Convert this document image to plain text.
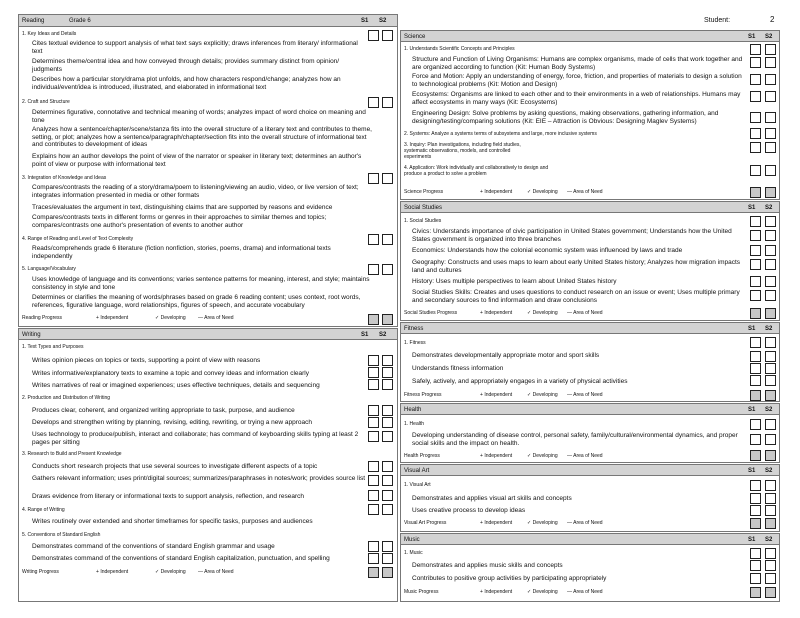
Reading	Grade 6	S1 S2
1. Key Ideas and Details
Cites textual evidence to support analysis of what text says explicitly; draws inferences from literary/ informational text
Determines theme/central idea and how conveyed through details; provides summary distinct from opinion/ judgments
Describes how a particular story/drama plot unfolds, and how characters respond/change; analyzes how an individual/event/idea is introduced, illustrated, and elaborated in informational text
2. Craft and Structure
Determines figurative, connotative and technical meaning of words; analyzes impact of word choice on meaning and tone
Analyzes how a sentence/chapter/scene/stanza fits into the overall structure of a literary text and contributes to theme, setting, or plot; analyzes how a sentence/paragraph/chapter/section fits into the overall structure of informational text and contributes to development of ideas
Explains how an author develops the point of view of the narrator or speaker in literary text; determines an author's point of view or purpose with informational text
3. Integration of Knowledge and Ideas
Compares/contrasts the reading of a story/drama/poem to listening/viewing an audio, video, or live version of text; integrates information presented in media or other formats
Traces/evaluates the argument in text, distinguishing claims that are supported by reasons and evidence
Compares/contrasts texts in different forms or genres in their approaches to similar themes and topics; compares/contrasts one author's presentation of events to another author
4. Range of Reading and Level of Text Complexity
Reads/comprehends grade 6 literature (fiction nonfiction, stories, poems, drama) and informational texts independently
5. Language/Vocabulary
Uses knowledge of language and its conventions; varies sentence patterns for meaning, interest, and style; maintains consistency in style and tone
Determines or clarifies the meaning of words/phrases based on grade 6 reading content; uses context, root words, references, figurative language, word relationships, figures of speech, and accurate vocabulary
Reading Progress	+ Independent	✓ Developing — Area of Need
Writing	S1 S2
1. Text Types and Purposes
Writes opinion pieces on topics or texts, supporting a point of view with reasons
Writes informative/explanatory texts to examine a topic and convey ideas and information clearly
Writes narratives of real or imagined experiences; uses effective techniques, details and sequencing
2. Production and Distribution of Writing
Produces clear, coherent, and organized writing appropriate to task, purpose, and audience
Develops and strengthen writing by planning, revising, editing, rewriting, or trying a new approach
Uses technology to produce/publish, interact and collaborate; has command of keyboarding skills typing at least 2 pages per sitting
3. Research to Build and Present Knowledge
Conducts short research projects that use several sources to investigate different aspects of a topic
Gathers relevant information; uses print/digital sources; summarizes/paraphrases in notes/work; provides source list
Draws evidence from literary or informational texts to support analysis, reflection, and research
4. Range of Writing
Writes routinely over extended and shorter timeframes for specific tasks, purposes and audiences
5. Conventions of Standard English
Demonstrates command of the conventions of standard English grammar and usage
Demonstrates command of the conventions of standard English capitalization, punctuation, and spelling
Writing Progress	+ Independent	✓ Developing — Area of Need
Student:	2
Science	S1 S2
1. Understands Scientific Concepts and Principles
Structure and Function of Living Organisms: Humans are complex organisms, made of cells that work together and are organized according to function (Kit: Human Body Systems)
Force and Motion: Apply an understanding of energy, force, friction, and properties of materials to design a solution to technological problems (Kit: Motion and Design)
Ecosystems: Organisms are linked to each other and to their environments in a web of relationships. Humans may affect ecosystems in many ways (Kit: Ecosystems)
Engineering Design: Solve problems by asking questions, making observations, gathering information, and designing/testing/comparing solutions (Kit: EIE – Attraction is Obvious: Designing Maglev Systems)
2. Systems: Analyze a systems terms of subsystems and large, more inclusive systems
3. Inquiry: Plan investigations, including field studies, systematic observations, models, and controlled experiments
4. Application: Work individually and collaboratively to design and produce a product to solve a problem
Science Progress	+ Independent	✓ Developing — Area of Need
Social Studies	S1 S2
1. Social Studies
Civics: Understands importance of civic participation in United States government; Understands how the United States government is organized into three branches
Economics: Understands how the colonial economic system was influenced by laws and trade
Geography: Constructs and uses maps to learn about early United States history; Analyzes how migration impacts land and cultures
History: Uses multiple perspectives to learn about United States history
Social Studies Skills: Creates and uses questions to conduct research on an issue or event; Uses multiple primary and secondary sources to find information and draw conclusions
Social Studies Progress	+ Independent	✓ Developing — Area of Need
Fitness	S1 S2
1. Fitness
Demonstrates developmentally appropriate motor and sport skills
Understands fitness information
Safely, actively, and appropriately engages in a variety of physical activities
Fitness Progress	+ Independent	✓ Developing — Area of Need
Health	S1 S2
1. Health
Developing understanding of disease control, personal safety, family/cultural/environmental dynamics, and proper social skills and the impact on health.
Health Progress	+ Independent	✓ Developing — Area of Need
Visual Art	S1 S2
1. Visual Art
Demonstrates and applies visual art skills and concepts
Uses creative process to develop ideas
Visual Art Progress	+ Independent	✓ Developing — Area of Need
Music	S1 S2
1. Music
Demonstrates and applies music skills and concepts
Contributes to positive group activities by participating appropriately
Music Progress	+ Independent	✓ Developing — Area of Need
